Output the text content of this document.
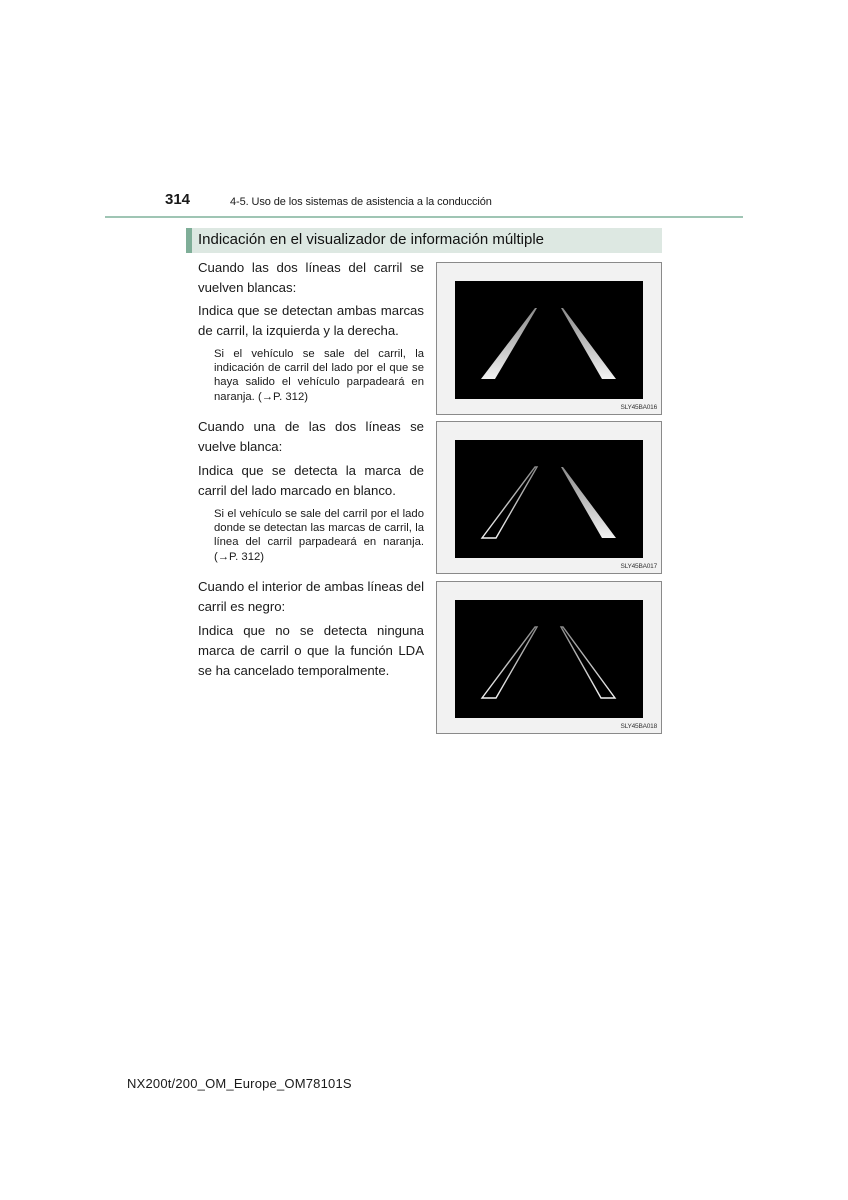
314	4-5. Uso de los sistemas de asistencia a la conducción
Indicación en el visualizador de información múltiple
Cuando las dos líneas del carril se vuelven blancas:
Indica que se detectan ambas marcas de carril, la izquierda y la derecha.
Si el vehículo se sale del carril, la indicación de carril del lado por el que se haya salido el vehículo parpadeará en naranja. (→P. 312)
SLY45BA016
Cuando una de las dos líneas se vuelve blanca:
Indica que se detecta la marca de carril del lado marcado en blanco.
Si el vehículo se sale del carril por el lado donde se detectan las marcas de carril, la línea del carril parpadeará en naranja. (→P. 312)
SLY45BA017
Cuando el interior de ambas líneas del carril es negro:
Indica que no se detecta ninguna marca de carril o que la función LDA se ha cancelado temporalmente.
SLY45BA018
NX200t/200_OM_Europe_OM78101S
